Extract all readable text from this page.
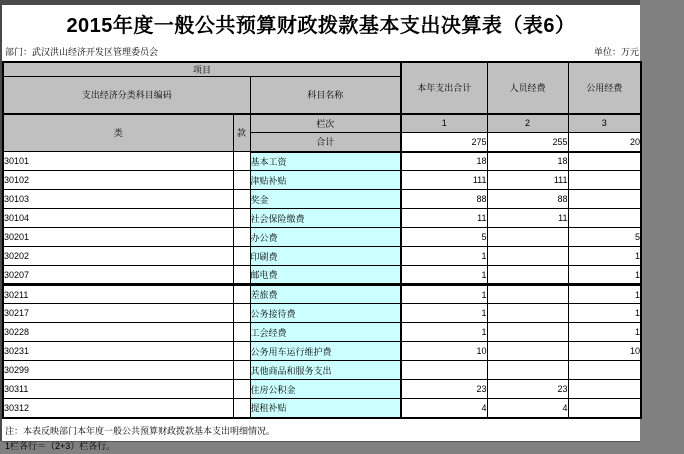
2015年度一般公共预算财政拨款基本支出决算表（表6）
部门：武汉洪山经济开发区管理委员会	单位：万元
项目			本年支出合计	人员经费	公用经费
支出经济分类科目编码		科目名称			
类	款	栏次	1	2	3
		合计	275	255	20
30101		基本工资	18	18	
30102		津贴补贴	111	111	
30103		奖金	88	88	
30104		社会保险缴费	11	11	
30201		办公费	5		5
30202		印刷费	1		1
30207		邮电费	1		1
30211		差旅费	1		1
30217		公务接待费	1		1
30228		工会经费	1		1
30231		公务用车运行维护费	10		10
30299		其他商品和服务支出			
30311		住房公积金	23	23	
30312		提租补贴	4	4	
注：本表反映部门本年度一般公共预算财政拨款基本支出明细情况。
1栏各行＝（2+3）栏各行。
